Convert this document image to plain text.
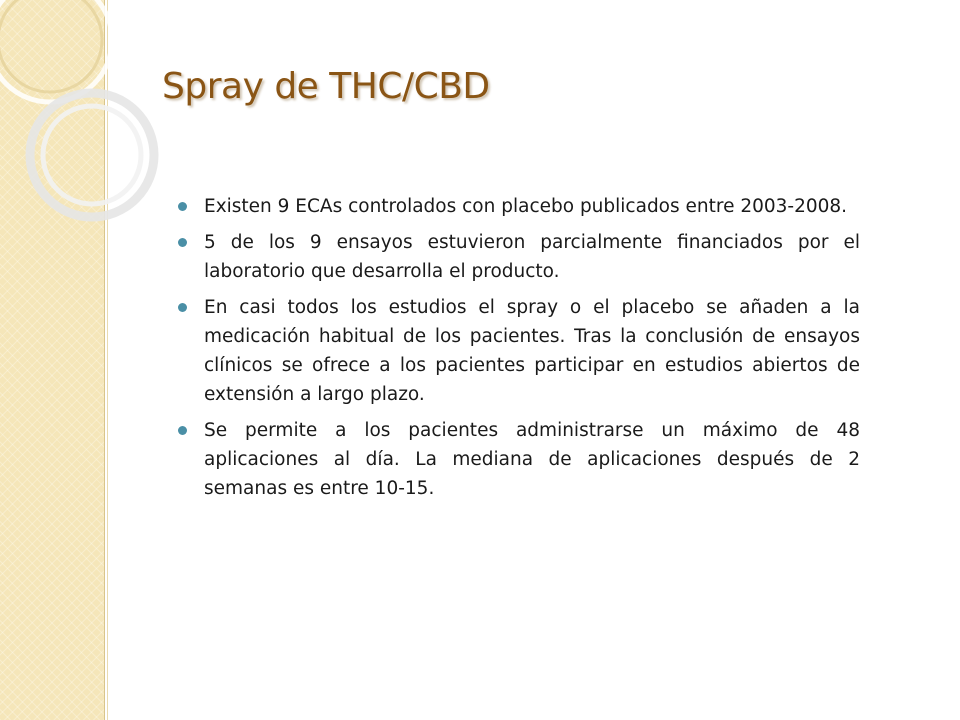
Spray de THC/CBD
Existen 9 ECAs controlados con placebo publicados entre 2003-2008.
5 de los 9 ensayos estuvieron parcialmente financiados por el laboratorio que desarrolla el producto.
En casi todos los estudios el spray o el placebo se añaden a la medicación habitual de los pacientes. Tras la conclusión de ensayos clínicos se ofrece a los pacientes participar en estudios abiertos de extensión a largo plazo.
Se permite a los pacientes administrarse un máximo de 48 aplicaciones al día. La mediana de aplicaciones después de 2 semanas es entre 10-15.
